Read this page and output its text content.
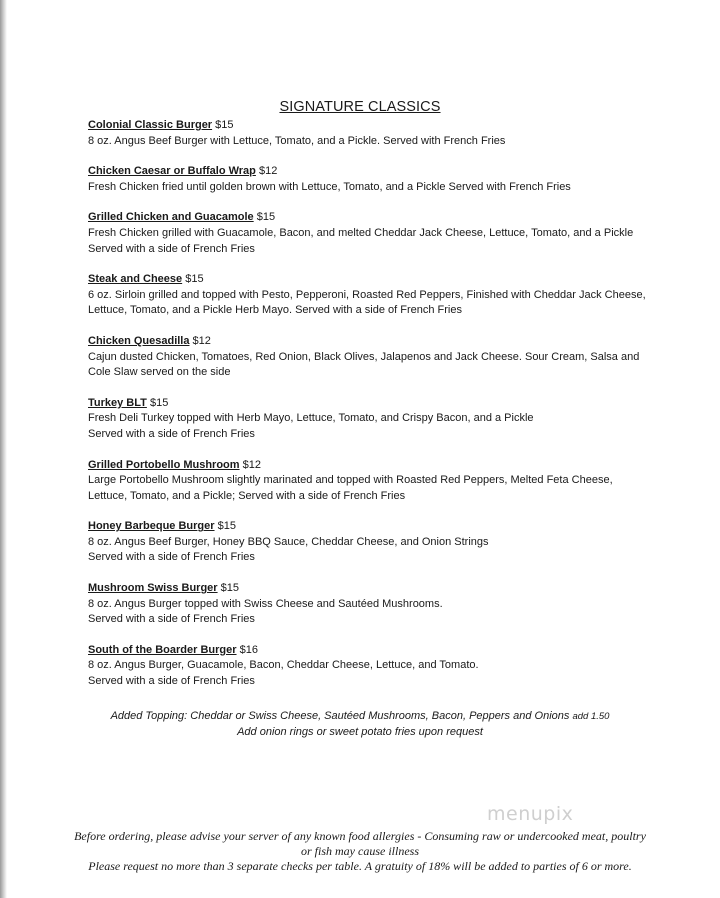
SIGNATURE CLASSICS
Colonial Classic Burger $15
8 oz. Angus Beef Burger with Lettuce, Tomato, and a Pickle. Served with French Fries
Chicken Caesar or Buffalo Wrap $12
Fresh Chicken fried until golden brown with Lettuce, Tomato, and a Pickle Served with French Fries
Grilled Chicken and Guacamole $15
Fresh Chicken grilled with Guacamole, Bacon, and melted Cheddar Jack Cheese, Lettuce, Tomato, and a Pickle Served with a side of French Fries
Steak and Cheese $15
6 oz. Sirloin grilled and topped with Pesto, Pepperoni, Roasted Red Peppers, Finished with Cheddar Jack Cheese, Lettuce, Tomato, and a Pickle Herb Mayo. Served with a side of French Fries
Chicken Quesadilla $12
Cajun dusted Chicken, Tomatoes, Red Onion, Black Olives, Jalapenos and Jack Cheese. Sour Cream, Salsa and Cole Slaw served on the side
Turkey BLT $15
Fresh Deli Turkey topped with Herb Mayo, Lettuce, Tomato, and Crispy Bacon, and a Pickle
Served with a side of French Fries
Grilled Portobello Mushroom $12
Large Portobello Mushroom slightly marinated and topped with Roasted Red Peppers, Melted Feta Cheese, Lettuce, Tomato, and a Pickle; Served with a side of French Fries
Honey Barbeque Burger $15
8 oz. Angus Beef Burger, Honey BBQ Sauce, Cheddar Cheese, and Onion Strings
Served with a side of French Fries
Mushroom Swiss Burger $15
8 oz. Angus Burger topped with Swiss Cheese and Sautéed Mushrooms.
Served with a side of French Fries
South of the Boarder Burger $16
8 oz. Angus Burger, Guacamole, Bacon, Cheddar Cheese, Lettuce, and Tomato.
Served with a side of French Fries
Added Topping: Cheddar or Swiss Cheese, Sautéed Mushrooms, Bacon, Peppers and Onions add 1.50
Add onion rings or sweet potato fries upon request
menupix
Before ordering, please advise your server of any known food allergies - Consuming raw or undercooked meat, poultry or fish may cause illness
Please request no more than 3 separate checks per table. A gratuity of 18% will be added to parties of 6 or more.
